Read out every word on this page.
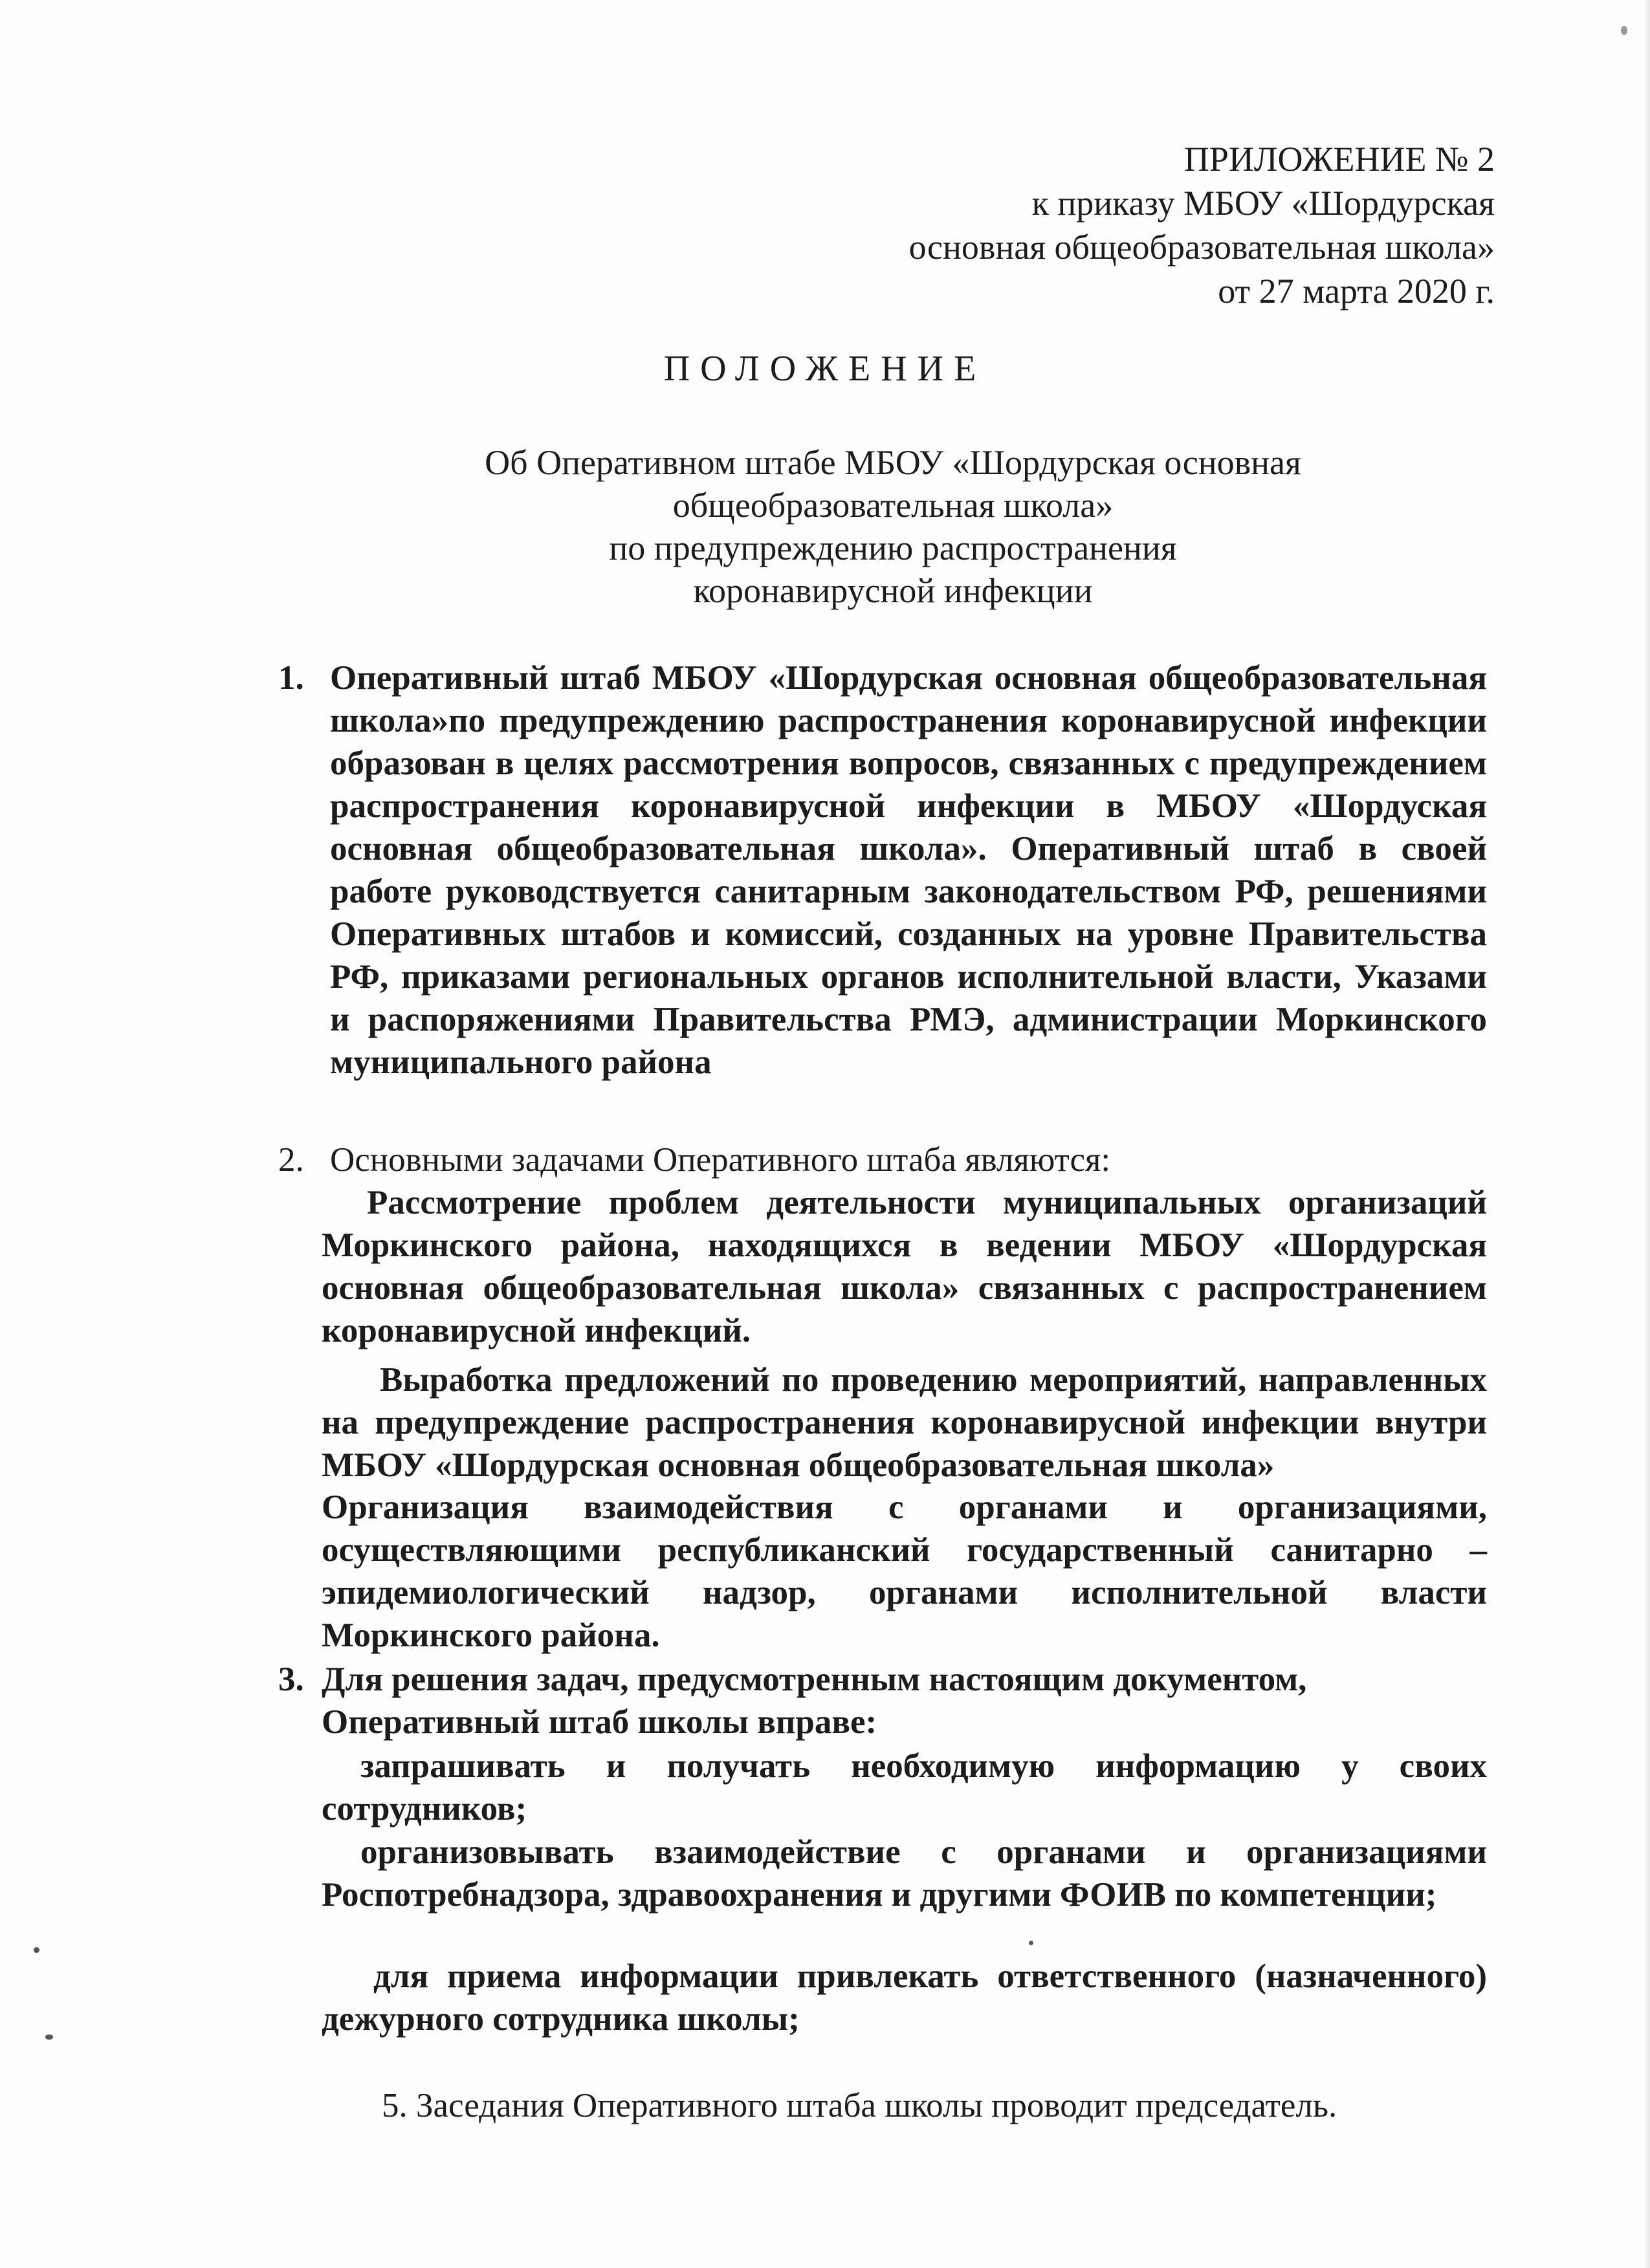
ПРИЛОЖЕНИЕ № 2
к приказу МБОУ «Шордурская
основная общеобразовательная школа»
от 27 марта 2020 г.
ПОЛОЖЕНИЕ
Об Оперативном штабе МБОУ «Шордурская основная
общеобразовательная школа»
по предупреждению распространения
коронавирусной инфекции
1. Оперативный штаб МБОУ «Шордурская основная общеобразовательная школа»по предупреждению распространения коронавирусной инфекции образован в целях рассмотрения вопросов, связанных с предупреждением распространения коронавирусной инфекции в МБОУ «Шордуская основная общеобразовательная школа». Оперативный штаб в своей работе руководствуется санитарным законодательством РФ, решениями Оперативных штабов и комиссий, созданных на уровне Правительства РФ, приказами региональных органов исполнительной власти, Указами и распоряжениями Правительства РМЭ, администрации Моркинского муниципального района
2. Основными задачами Оперативного штаба являются:
Рассмотрение проблем деятельности муниципальных организаций Моркинского района, находящихся в ведении МБОУ «Шордурская основная общеобразовательная школа» связанных с распространением коронавирусной инфекций.
Выработка предложений по проведению мероприятий, направленных на предупреждение распространения коронавирусной инфекции внутри МБОУ «Шордурская основная общеобразовательная школа»
Организация взаимодействия с органами и организациями, осуществляющими республиканский государственный санитарно – эпидемиологический надзор, органами исполнительной власти Моркинского района.
3. Для решения задач, предусмотренным настоящим документом,
Оперативный штаб школы вправе:
запрашивать и получать необходимую информацию у своих сотрудников;
организовывать взаимодействие с органами и организациями Роспотребнадзора, здравоохранения и другими ФОИВ по компетенции;
для приема информации привлекать ответственного (назначенного) дежурного сотрудника школы;
5. Заседания Оперативного штаба школы проводит председатель.
